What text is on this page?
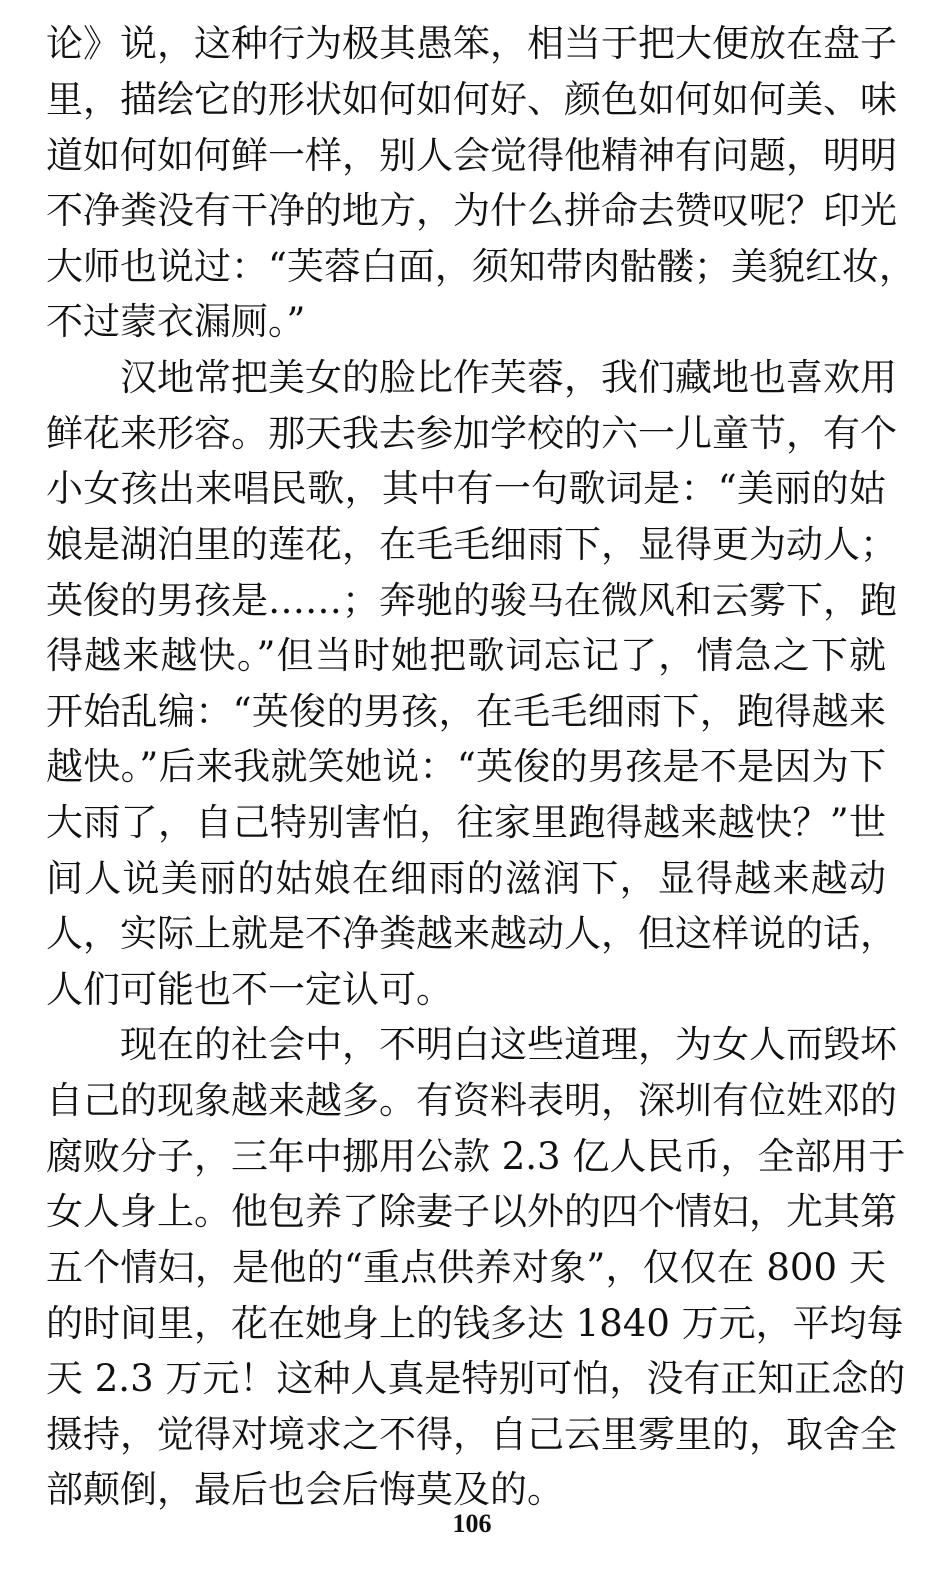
论》说，这种行为极其愚笨，相当于把大便放在盘子
里，描绘它的形状如何如何好、颜色如何如何美、味
道如何如何鲜一样，别人会觉得他精神有问题，明明
不净粪没有干净的地方，为什么拼命去赞叹呢？印光
大师也说过：“芙蓉白面，须知带肉骷髅；美貌红妆，
不过蒙衣漏厕。”
　　汉地常把美女的脸比作芙蓉，我们藏地也喜欢用
鲜花来形容。那天我去参加学校的六一儿童节，有个
小女孩出来唱民歌，其中有一句歌词是：“美丽的姑
娘是湖泊里的莲花，在毛毛细雨下，显得更为动人；
英俊的男孩是……；奔驰的骏马在微风和云雾下，跑
得越来越快。”但当时她把歌词忘记了，情急之下就
开始乱编：“英俊的男孩，在毛毛细雨下，跑得越来
越快。”后来我就笑她说：“英俊的男孩是不是因为下
大雨了，自己特别害怕，往家里跑得越来越快？”世
间人说美丽的姑娘在细雨的滋润下，显得越来越动
人，实际上就是不净粪越来越动人，但这样说的话，
人们可能也不一定认可。
　　现在的社会中，不明白这些道理，为女人而毁坏
自己的现象越来越多。有资料表明，深圳有位姓邓的
腐败分子，三年中挪用公款 2.3 亿人民币，全部用于
女人身上。他包养了除妻子以外的四个情妇，尤其第
五个情妇，是他的“重点供养对象”，仅仅在 800 天
的时间里，花在她身上的钱多达 1840 万元，平均每
天 2.3 万元！这种人真是特别可怕，没有正知正念的
摄持，觉得对境求之不得，自己云里雾里的，取舍全
部颠倒，最后也会后悔莫及的。
106
